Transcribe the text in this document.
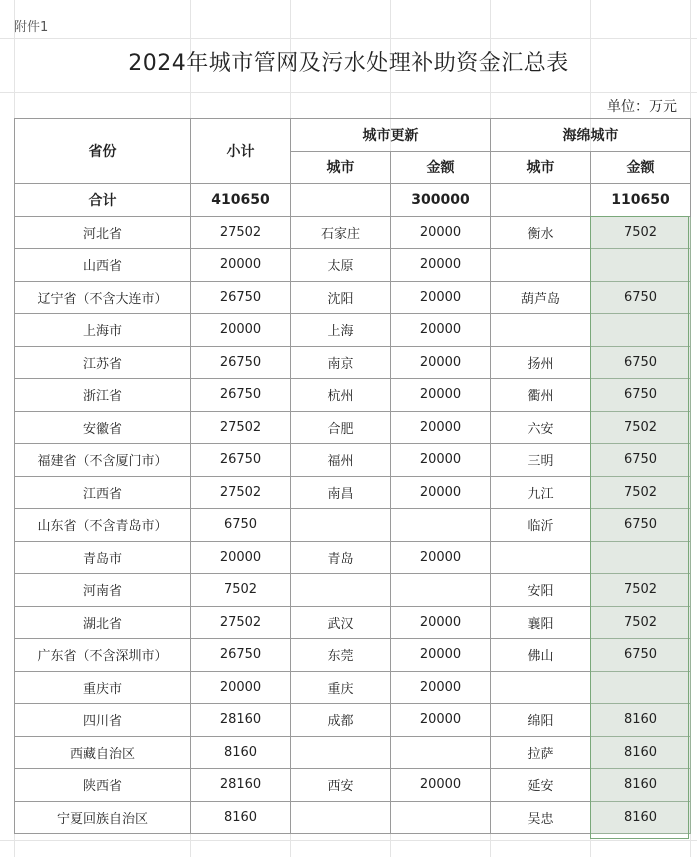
附件1
2024年城市管网及污水处理补助资金汇总表
单位：万元
省份	小计	城市更新		海绵城市	
		城市	金额	城市	金额
合计	410650		300000		110650
河北省	27502	石家庄	20000	衡水	7502
山西省	20000	太原	20000		
辽宁省（不含大连市）	26750	沈阳	20000	葫芦岛	6750
上海市	20000	上海	20000		
江苏省	26750	南京	20000	扬州	6750
浙江省	26750	杭州	20000	衢州	6750
安徽省	27502	合肥	20000	六安	7502
福建省（不含厦门市）	26750	福州	20000	三明	6750
江西省	27502	南昌	20000	九江	7502
山东省（不含青岛市）	6750			临沂	6750
青岛市	20000	青岛	20000		
河南省	7502			安阳	7502
湖北省	27502	武汉	20000	襄阳	7502
广东省（不含深圳市）	26750	东莞	20000	佛山	6750
重庆市	20000	重庆	20000		
四川省	28160	成都	20000	绵阳	8160
西藏自治区	8160			拉萨	8160
陕西省	28160	西安	20000	延安	8160
宁夏回族自治区	8160			吴忠	8160
